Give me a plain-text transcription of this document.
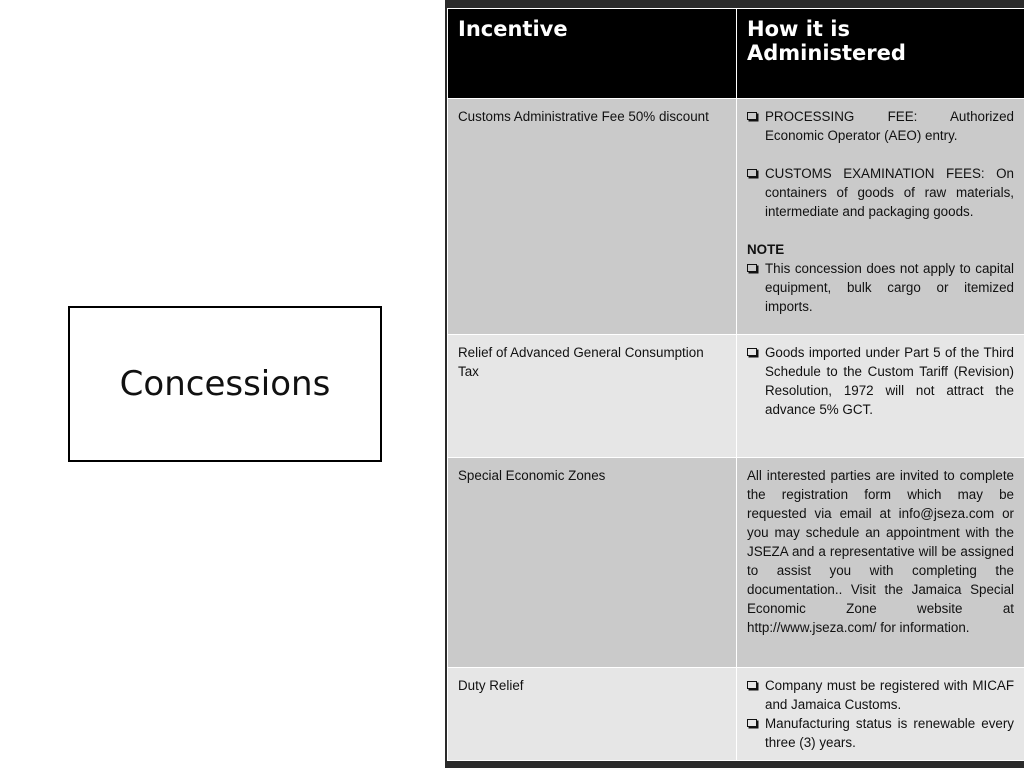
Concessions
Incentive	How it is Administered
Customs Administrative Fee 50% discount	PROCESSING FEE: Authorized Economic Operator (AEO) entry.
CUSTOMS EXAMINATION FEES: On containers of goods of raw materials, intermediate and packaging goods.
NOTE
This concession does not apply to capital equipment, bulk cargo or itemized imports.

Relief of Advanced General Consumption Tax	Goods imported under Part 5 of the Third Schedule to the Custom Tariff (Revision) Resolution, 1972 will not attract the advance 5% GCT.

Special Economic Zones	All interested parties are invited to complete the registration form which may be requested via email at info@jseza.com or you may schedule an appointment with the JSEZA and a representative will be assigned to assist you with completing the documentation.. Visit the Jamaica Special Economic Zone website at http://www.jseza.com/ for information.
Duty Relief	Company must be registered with MICAF and Jamaica Customs.
Manufacturing status is renewable every three (3) years.
